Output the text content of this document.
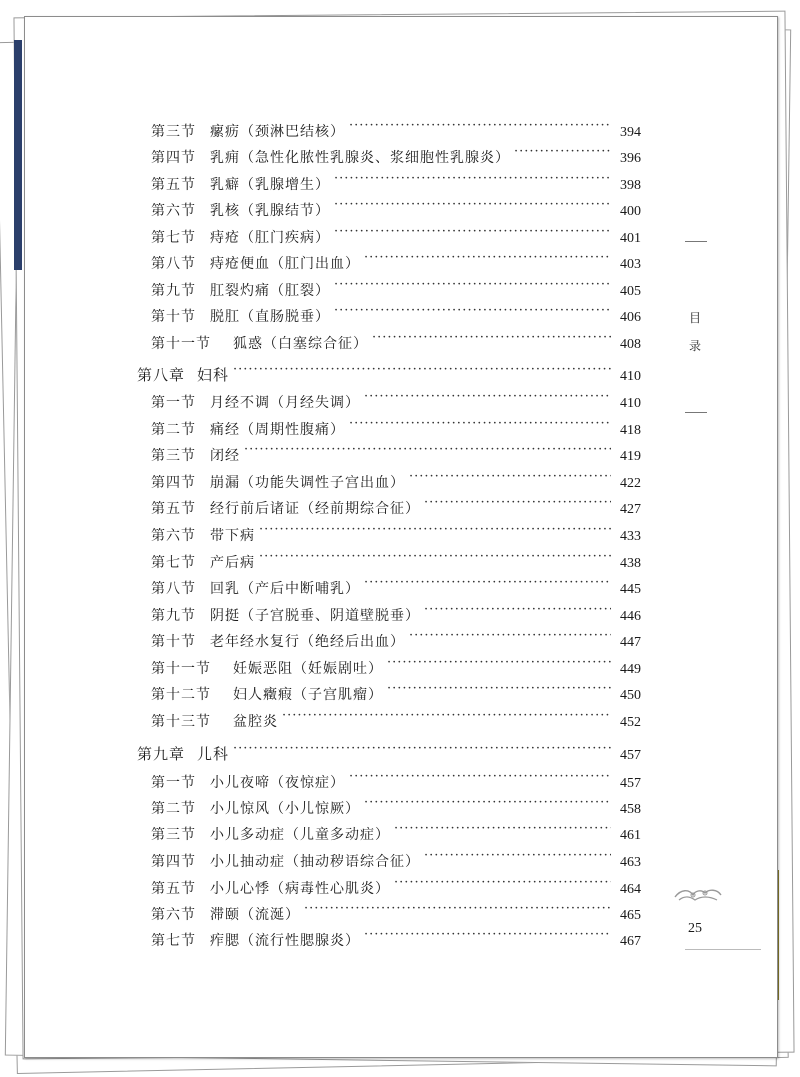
第三节 瘰疬（颈淋巴结核） ·····	394
第四节 乳痈（急性化脓性乳腺炎、浆细胞性乳腺炎） ·····	396
第五节 乳癖（乳腺增生） ·····	398
第六节 乳核（乳腺结节） ·····	400
第七节 痔疮（肛门疾病） ·····	401
第八节 痔疮便血（肛门出血） ·····	403
第九节 肛裂灼痛（肛裂） ·····	405
第十节 脱肛（直肠脱垂） ·····	406
第十一节 狐惑（白塞综合征） ·····	408
第八章 妇科 ·····	410
第一节 月经不调（月经失调） ·····	410
第二节 痛经（周期性腹痛） ·····	418
第三节 闭经 ·····	419
第四节 崩漏（功能失调性子宫出血） ·····	422
第五节 经行前后诸证（经前期综合征） ·····	427
第六节 带下病 ·····	433
第七节 产后病 ·····	438
第八节 回乳（产后中断哺乳） ·····	445
第九节 阴挺（子宫脱垂、阴道壁脱垂） ·····	446
第十节 老年经水复行（绝经后出血） ·····	447
第十一节 妊娠恶阻（妊娠剧吐） ·····	449
第十二节 妇人癥瘕（子宫肌瘤） ·····	450
第十三节 盆腔炎 ·····	452
第九章 儿科 ·····	457
第一节 小儿夜啼（夜惊症） ·····	457
第二节 小儿惊风（小儿惊厥） ·····	458
第三节 小儿多动症（儿童多动症） ·····	461
第四节 小儿抽动症（抽动秽语综合征） ·····	463
第五节 小儿心悸（病毒性心肌炎） ·····	464
第六节 滞颐（流涎） ·····	465
第七节 痄腮（流行性腮腺炎） ·····	467
目
录
25
